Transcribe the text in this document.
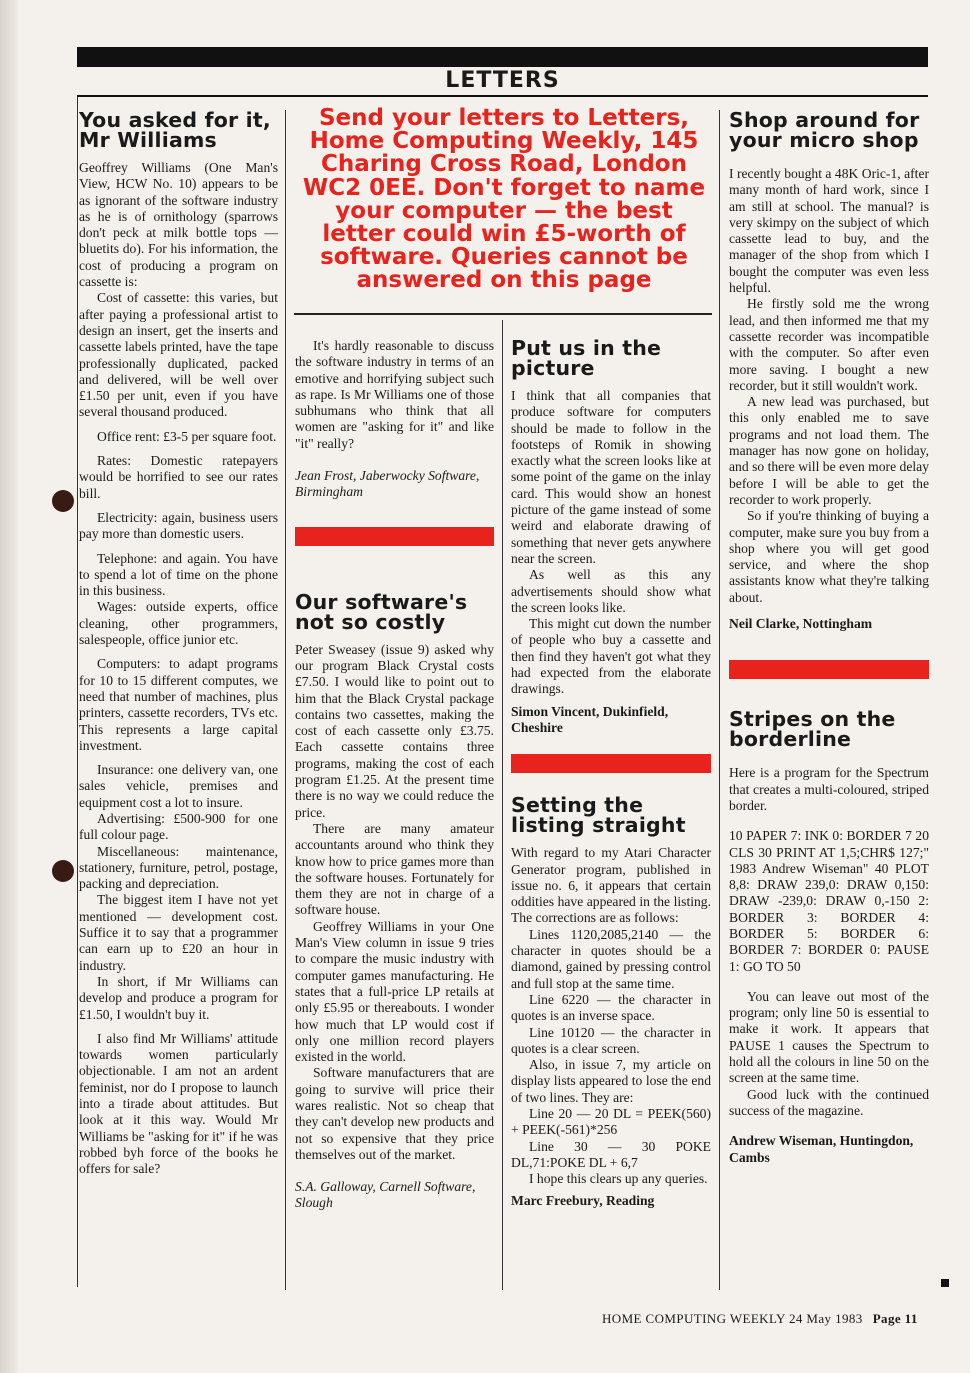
LETTERS
You asked for it, Mr Williams

Geoffrey Williams (One Man's View, HCW No. 10) appears to be as ignorant of the software industry as he is of ornithology (sparrows don't peck at milk bottle tops — bluetits do). For his information, the cost of producing a program on cassette is:

Cost of cassette: this varies, but after paying a professional artist to design an insert, get the inserts and cassette labels printed, have the tape professionally duplicated, packed and delivered, will be well over £1.50 per unit, even if you have several thousand produced.

Office rent: £3-5 per square foot.

Rates: Domestic ratepayers would be horrified to see our rates bill.

Electricity: again, business users pay more than domestic users.

Telephone: and again. You have to spend a lot of time on the phone in this business.

Wages: outside experts, office cleaning, other programmers, salespeople, office junior etc.

Computers: to adapt programs for 10 to 15 different computes, we need that number of machines, plus printers, cassette recorders, TVs etc. This represents a large capital investment.

Insurance: one delivery van, one sales vehicle, premises and equipment cost a lot to insure.

Advertising: £500-900 for one full colour page.

Miscellaneous: maintenance, stationery, furniture, petrol, postage, packing and depreciation.

The biggest item I have not yet mentioned — development cost. Suffice it to say that a programmer can earn up to £20 an hour in industry.

In short, if Mr Williams can develop and produce a program for £1.50, I wouldn't buy it.

I also find Mr Williams' attitude towards women particularly objectionable. I am not an ardent feminist, nor do I propose to launch into a tirade about attitudes. But look at it this way. Would Mr Williams be "asking for it" if he was robbed byh force of the books he offers for sale?

Send your letters to Letters, Home Computing Weekly, 145 Charing Cross Road, London WC2 0EE. Don't forget to name your computer — the best letter could win £5-worth of software. Queries cannot be answered on this page

It's hardly reasonable to discuss the software industry in terms of an emotive and horrifying subject such as rape. Is Mr Williams one of those subhumans who think that all women are "asking for it" and like "it" really?

Jean Frost, Jaberwocky Software, Birmingham

Our software's not so costly

Peter Sweasey (issue 9) asked why our program Black Crystal costs £7.50. I would like to point out to him that the Black Crystal package contains two cassettes, making the cost of each cassette only £3.75. Each cassette contains three programs, making the cost of each program £1.25. At the present time there is no way we could reduce the price.

There are many amateur accountants around who think they know how to price games more than the software houses. Fortunately for them they are not in charge of a software house.

Geoffrey Williams in your One Man's View column in issue 9 tries to compare the music industry with computer games manufacturing. He states that a full-price LP retails at only £5.95 or thereabouts. I wonder how much that LP would cost if only one million record players existed in the world.

Software manufacturers that are going to survive will price their wares realistic. Not so cheap that they can't develop new products and not so expensive that they price themselves out of the market.

S.A. Galloway, Carnell Software, Slough

Put us in the picture

I think that all companies that produce software for computers should be made to follow in the footsteps of Romik in showing exactly what the screen looks like at some point of the game on the inlay card. This would show an honest picture of the game instead of some weird and elaborate drawing of something that never gets anywhere near the screen.

As well as this any advertisements should show what the screen looks like.

This might cut down the number of people who buy a cassette and then find they haven't got what they had expected from the elaborate drawings.

Simon Vincent, Dukinfield, Cheshire

Setting the listing straight

With regard to my Atari Character Generator program, published in issue no. 6, it appears that certain oddities have appeared in the listing. The corrections are as follows:

Lines 1120,2085,2140 — the character in quotes should be a diamond, gained by pressing control and full stop at the same time.

Line 6220 — the character in quotes is an inverse space.

Line 10120 — the character in quotes is a clear screen.

Also, in issue 7, my article on display lists appeared to lose the end of two lines. They are:

Line 20 — 20 DL = PEEK(560) + PEEK(-561)*256

Line 30 — 30 POKE DL,71:POKE DL + 6,7

I hope this clears up any queries.

Marc Freebury, Reading

Shop around for your micro shop

I recently bought a 48K Oric-1, after many month of hard work, since I am still at school. The manual? is very skimpy on the subject of which cassette lead to buy, and the manager of the shop from which I bought the computer was even less helpful.

He firstly sold me the wrong lead, and then informed me that my cassette recorder was incompatible with the computer. So after even more saving. I bought a new recorder, but it still wouldn't work.

A new lead was purchased, but this only enabled me to save programs and not load them. The manager has now gone on holiday, and so there will be even more delay before I will be able to get the recorder to work properly.

So if you're thinking of buying a computer, make sure you buy from a shop where you will get good service, and where the shop assistants know what they're talking about.

Neil Clarke, Nottingham

Stripes on the borderline

Here is a program for the Spectrum that creates a multi-coloured, striped border.

10 PAPER 7: INK 0: BORDER 7 20 CLS 30 PRINT AT 1,5;CHR$ 127;" 1983 Andrew Wiseman" 40 PLOT 8,8: DRAW 239,0: DRAW 0,150: DRAW -239,0: DRAW 0,-150 2: BORDER 3: BORDER 4: BORDER 5: BORDER 6: BORDER 7: BORDER 0: PAUSE 1: GO TO 50

You can leave out most of the program; only line 50 is essential to make it work. It appears that PAUSE 1 causes the Spectrum to hold all the colours in line 50 on the screen at the same time.

Good luck with the continued success of the magazine.

Andrew Wiseman, Huntingdon, Cambs

HOME COMPUTING WEEKLY 24 May 1983 Page 11
